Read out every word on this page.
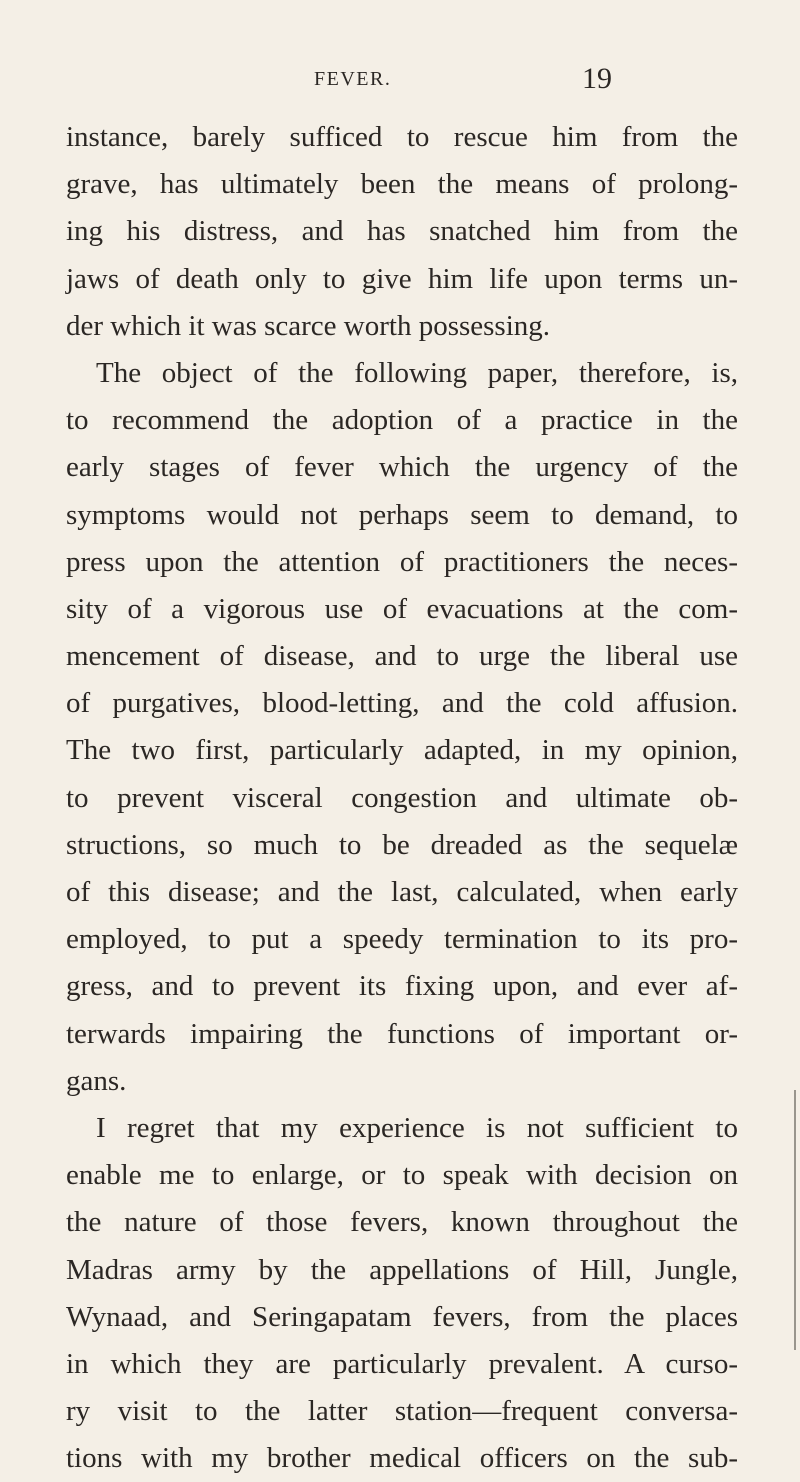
FEVER.	19
instance, barely sufficed to rescue him from the
grave, has ultimately been the means of prolong-
ing his distress, and has snatched him from the
jaws of death only to give him life upon terms un-
der which it was scarce worth possessing.
The object of the following paper, therefore, is,
to recommend the adoption of a practice in the
early stages of fever which the urgency of the
symptoms would not perhaps seem to demand, to
press upon the attention of practitioners the neces-
sity of a vigorous use of evacuations at the com-
mencement of disease, and to urge the liberal use
of purgatives, blood-letting, and the cold affusion.
The two first, particularly adapted, in my opinion,
to prevent visceral congestion and ultimate ob-
structions, so much to be dreaded as the sequelæ
of this disease; and the last, calculated, when early
employed, to put a speedy termination to its pro-
gress, and to prevent its fixing upon, and ever af-
terwards impairing the functions of important or-
gans.
I regret that my experience is not sufficient to
enable me to enlarge, or to speak with decision on
the nature of those fevers, known throughout the
Madras army by the appellations of Hill, Jungle,
Wynaad, and Seringapatam fevers, from the places
in which they are particularly prevalent. A curso-
ry visit to the latter station—frequent conversa-
tions with my brother medical officers on the sub-
